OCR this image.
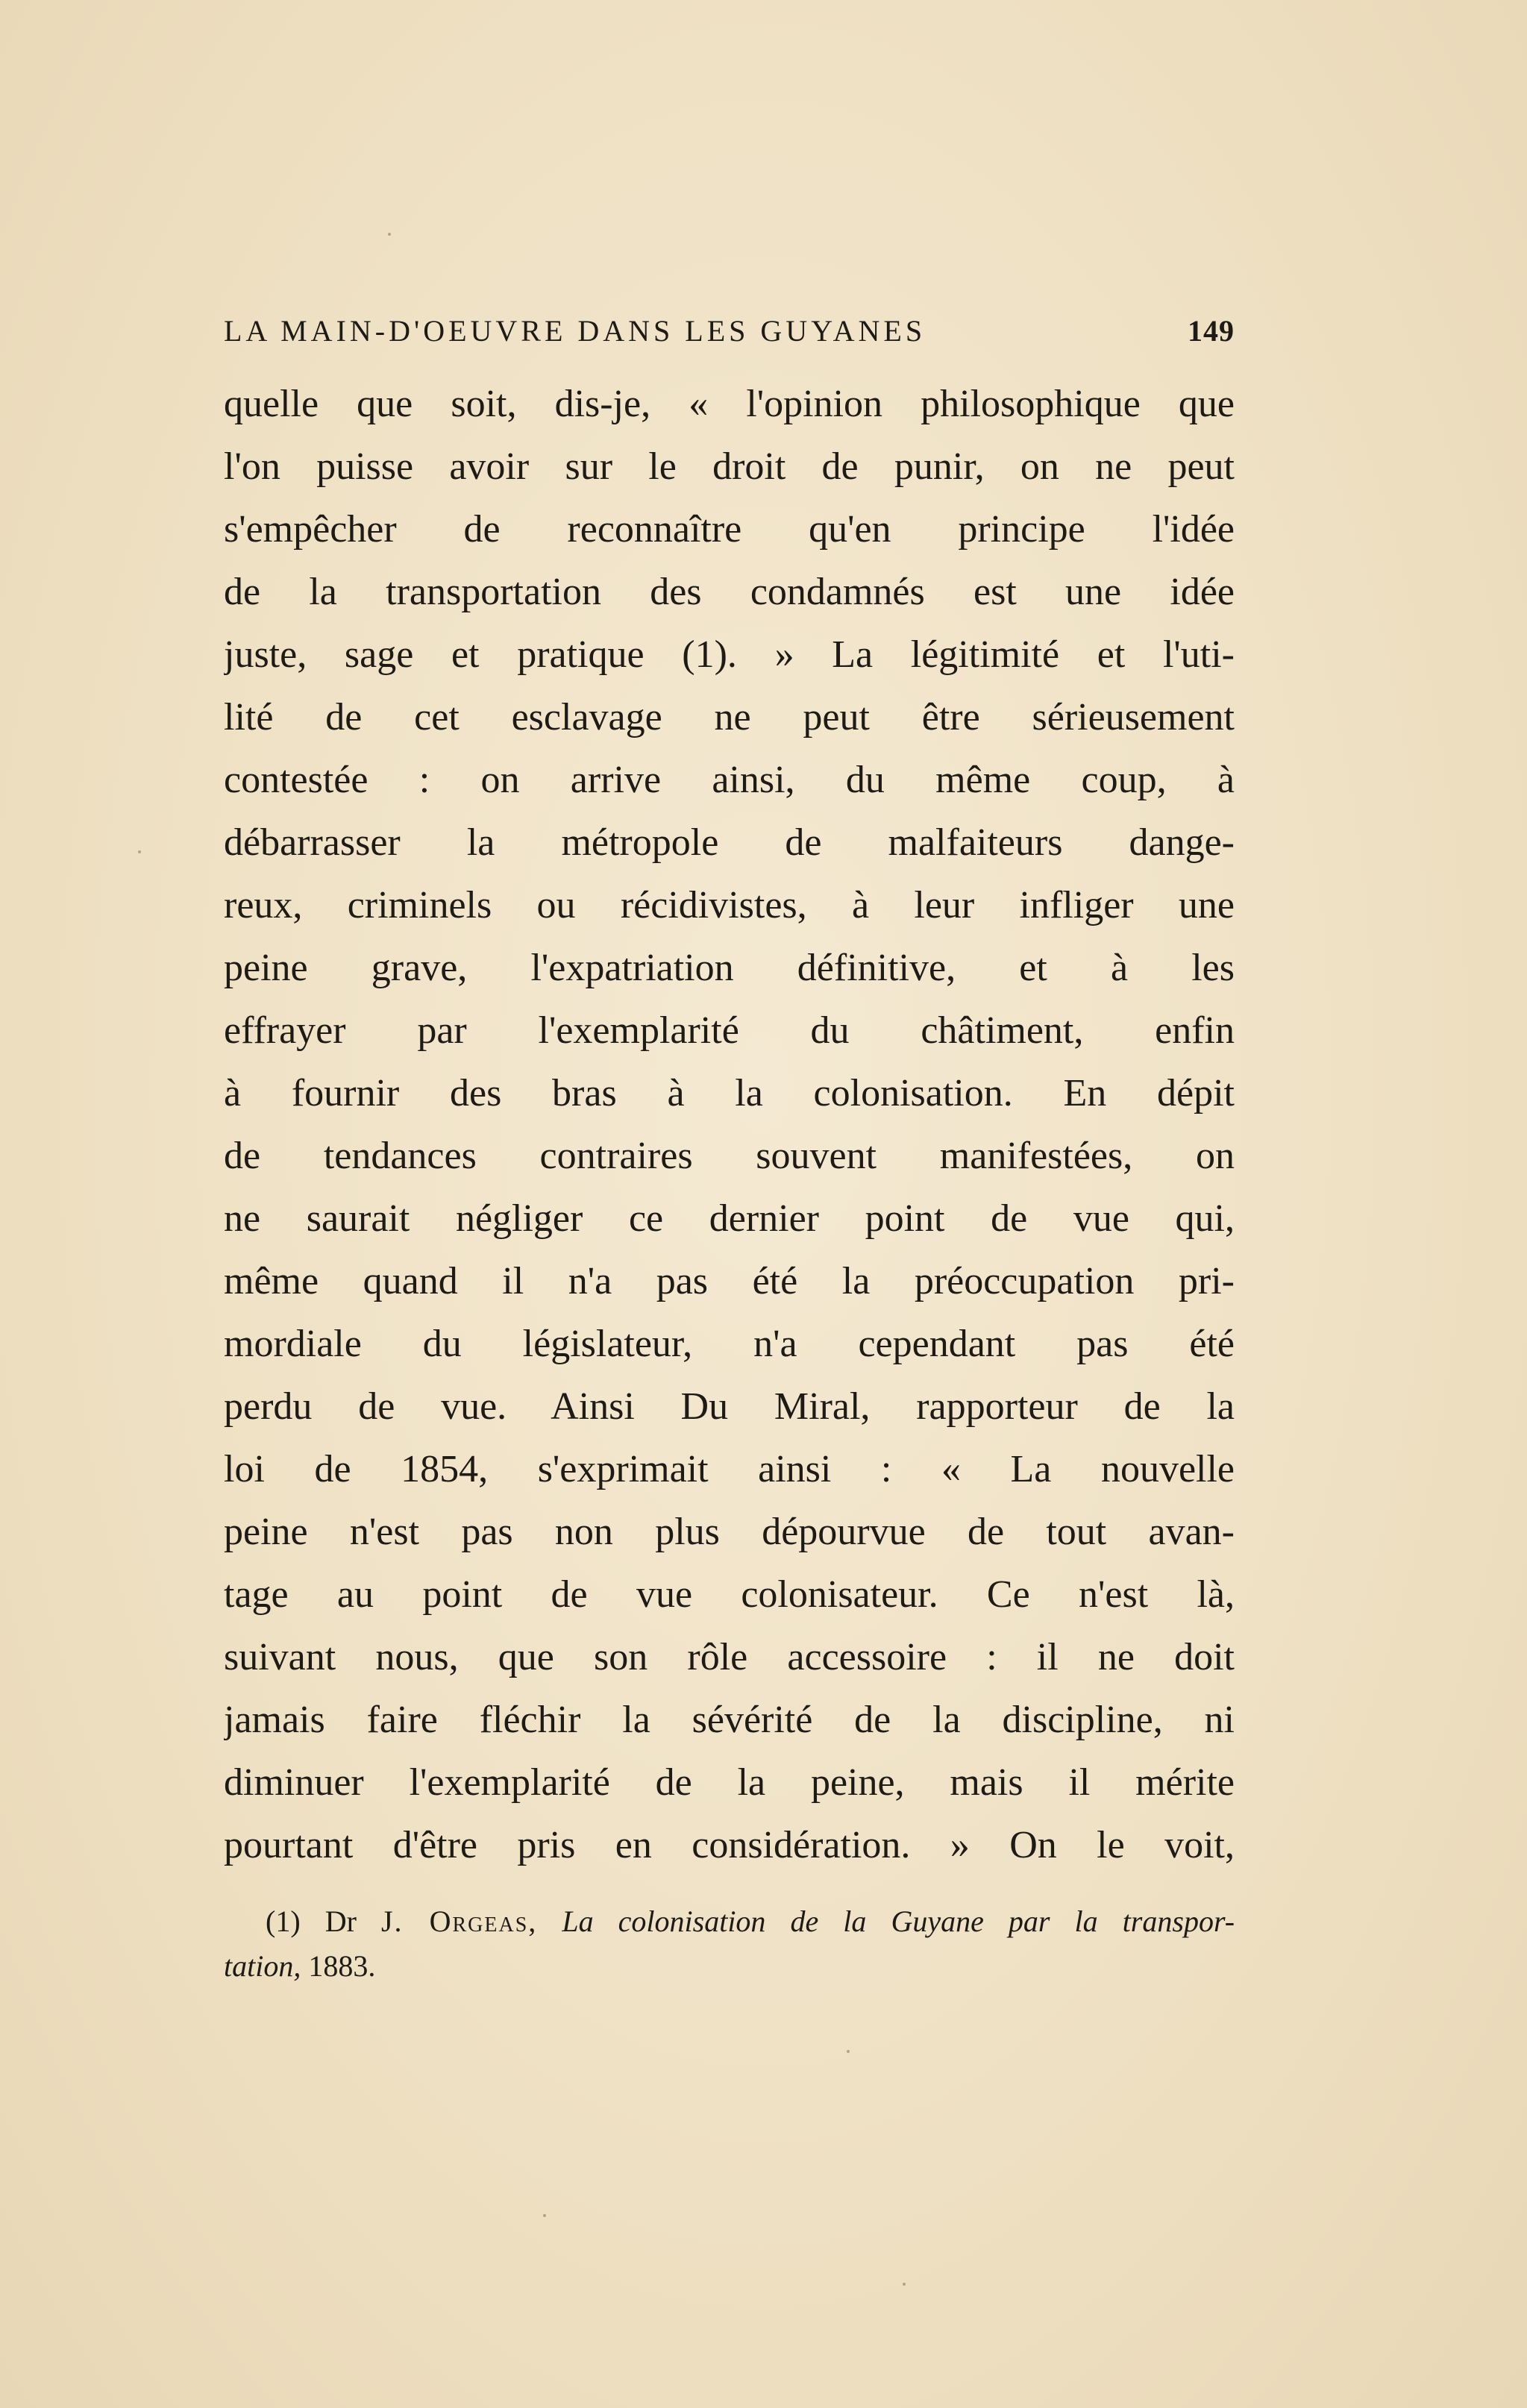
LA MAIN-D'OEUVRE DANS LES GUYANES	149
quelle que soit, dis-je, « l'opinion philosophique que
l'on puisse avoir sur le droit de punir, on ne peut
s'empêcher de reconnaître qu'en principe l'idée
de la transportation des condamnés est une idée
juste, sage et pratique (1). » La légitimité et l'uti-
lité de cet esclavage ne peut être sérieusement
contestée : on arrive ainsi, du même coup, à
débarrasser la métropole de malfaiteurs dange-
reux, criminels ou récidivistes, à leur infliger une
peine grave, l'expatriation définitive, et à les
effrayer par l'exemplarité du châtiment, enfin
à fournir des bras à la colonisation. En dépit
de tendances contraires souvent manifestées, on
ne saurait négliger ce dernier point de vue qui,
même quand il n'a pas été la préoccupation pri-
mordiale du législateur, n'a cependant pas été
perdu de vue. Ainsi Du Miral, rapporteur de la
loi de 1854, s'exprimait ainsi : « La nouvelle
peine n'est pas non plus dépourvue de tout avan-
tage au point de vue colonisateur. Ce n'est là,
suivant nous, que son rôle accessoire : il ne doit
jamais faire fléchir la sévérité de la discipline, ni
diminuer l'exemplarité de la peine, mais il mérite
pourtant d'être pris en considération. » On le voit,
(1) Dr J. Orgeas, La colonisation de la Guyane par la transpor-
tation, 1883.
